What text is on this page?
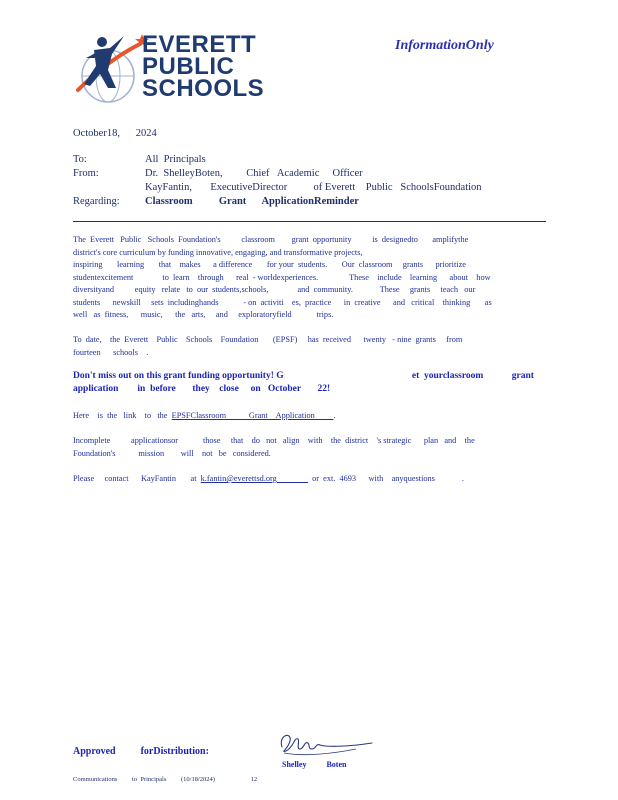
EVERETT
PUBLIC
SCHOOLS
InformationOnly
October18,      2024
To:	All  Principals
From:	Dr.  ShelleyBoten,         Chief   Academic     Officer
KayFantin,       ExecutiveDirector          of Everett    Public   SchoolsFoundation
Regarding: Classroom          Grant      ApplicationReminder
The  Everett   Public   Schools  Foundation's          classroom        grant  opportunity          is  designedto       amplifythe
district's core curriculum by funding innovative, engaging, and transformative projects,
inspiring       learning       that    makes      a difference       for your  students.       Our  classroom     grants      prioritize
studentexcitement              to  learn    through      real  - worldexperiences.               These    include    learning      about    how
diversityand          equity   relate   to  our  students,schools,              and  community.             These     grants     teach   our
students      newskill     sets  includinghands            - on  activiti    es,  practice      in  creative      and   critical    thinking       as
well   as  fitness,      music,      the   arts,     and     exploratoryfield            trips.
To  date,    the  Everett    Public    Schools    Foundation       (EPSF)     has  received      twenty   - nine  grants     from
fourteen      schools    .
Don't miss out on this grant funding opportunity! G                                                      et  yourclassroom            grant
application        in  before       they    close     on   October       22!
Here    is  the   link    to   the  EPSFClassroom           Grant    Application         .
Incomplete          applicationsor            those     that    do   not   align    with    the  district    's strategic      plan   and    the
Foundation's           mission        will    not   be   considered.
Please     contact      KayFantin       at  k.fantin@everettsd.org                 or  ext.  4693      with    anyquestions             .
Approved          forDistribution:
Shelley          Boten
Communications         to  Principals         (10/18/2024)                      12
